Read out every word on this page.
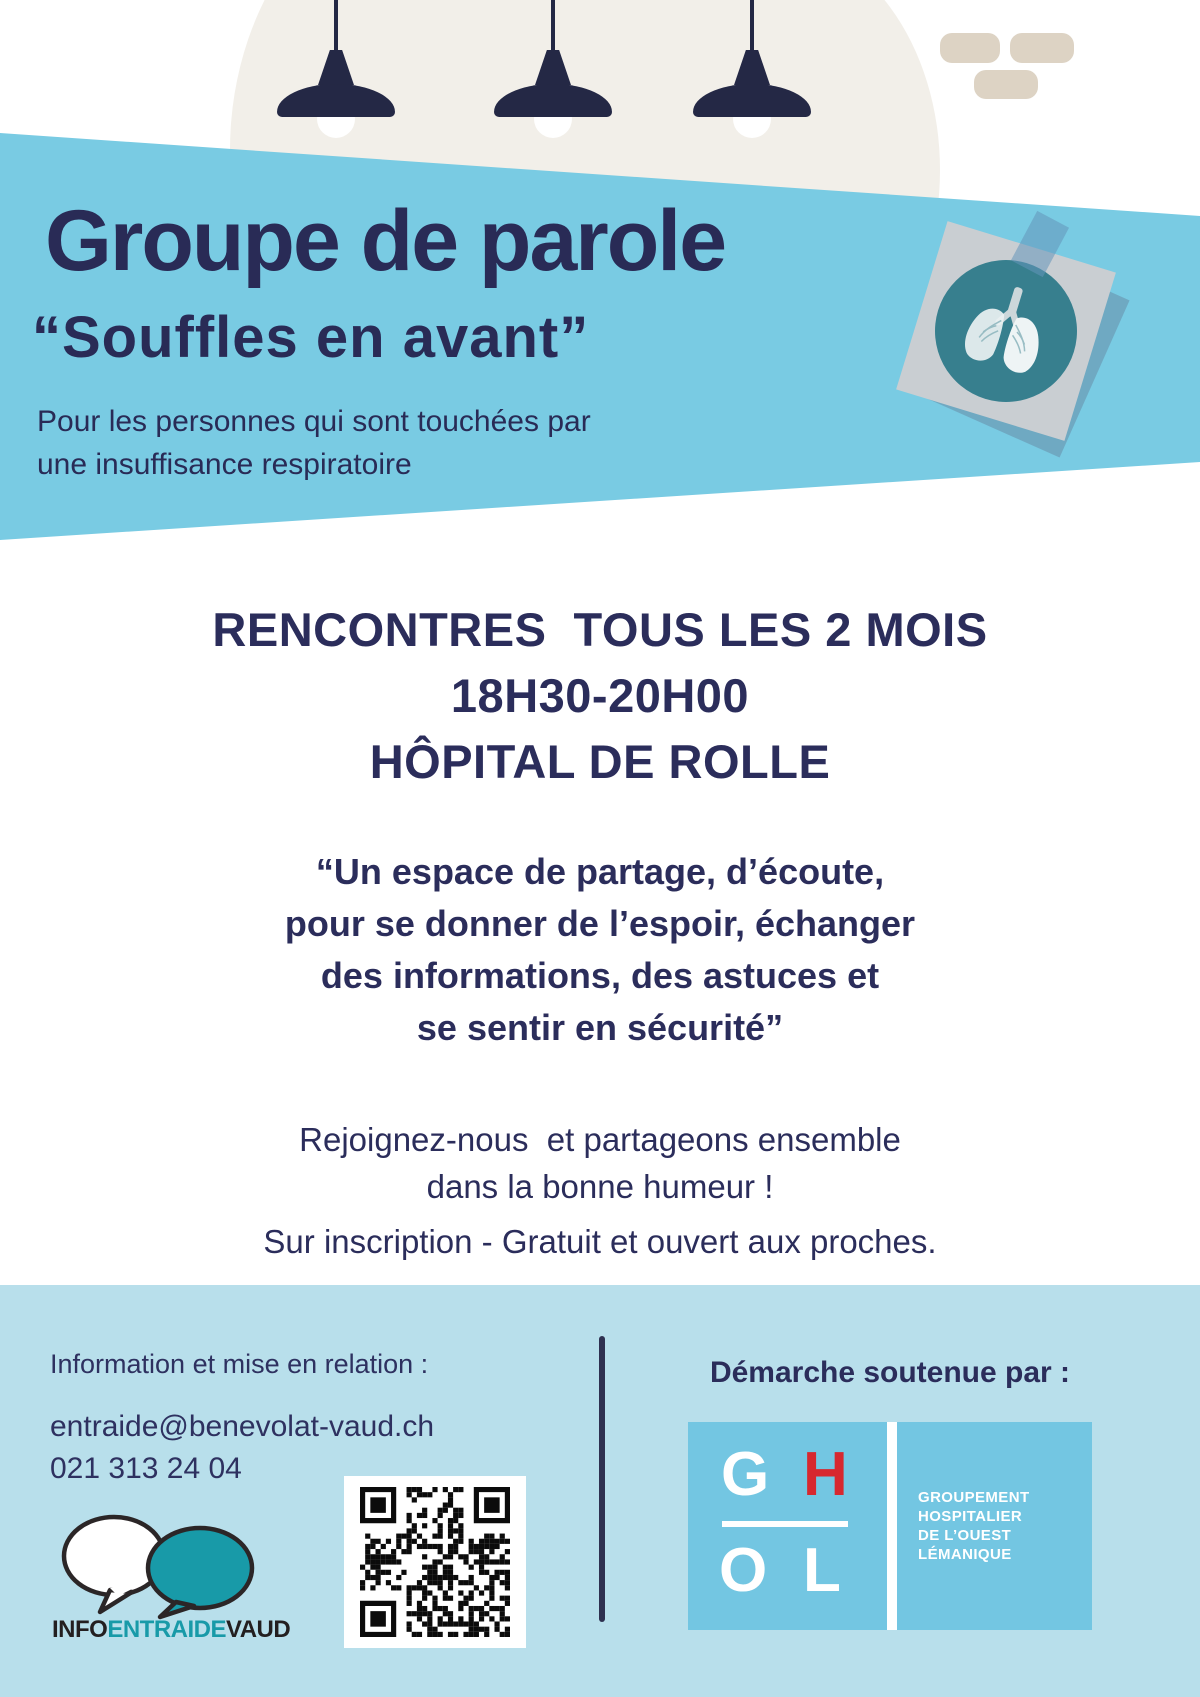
Groupe de parole
“Souffles en avant”
Pour les personnes qui sont touchées par
une insuffisance respiratoire
RENCONTRES  TOUS LES 2 MOIS
18H30-20H00
HÔPITAL DE ROLLE
“Un espace de partage, d’écoute,
pour se donner de l’espoir, échanger
des informations, des astuces et
se sentir en sécurité”
Rejoignez-nous  et partageons ensemble
dans la bonne humeur !
Sur inscription - Gratuit et ouvert aux proches.
Information et mise en relation :
entraide@benevolat-vaud.ch
021 313 24 04
INFOENTRAIDEVAUD
Démarche soutenue par :
G H
O L
GROUPEMENT
HOSPITALIER
DE L’OUEST
LÉMANIQUE
